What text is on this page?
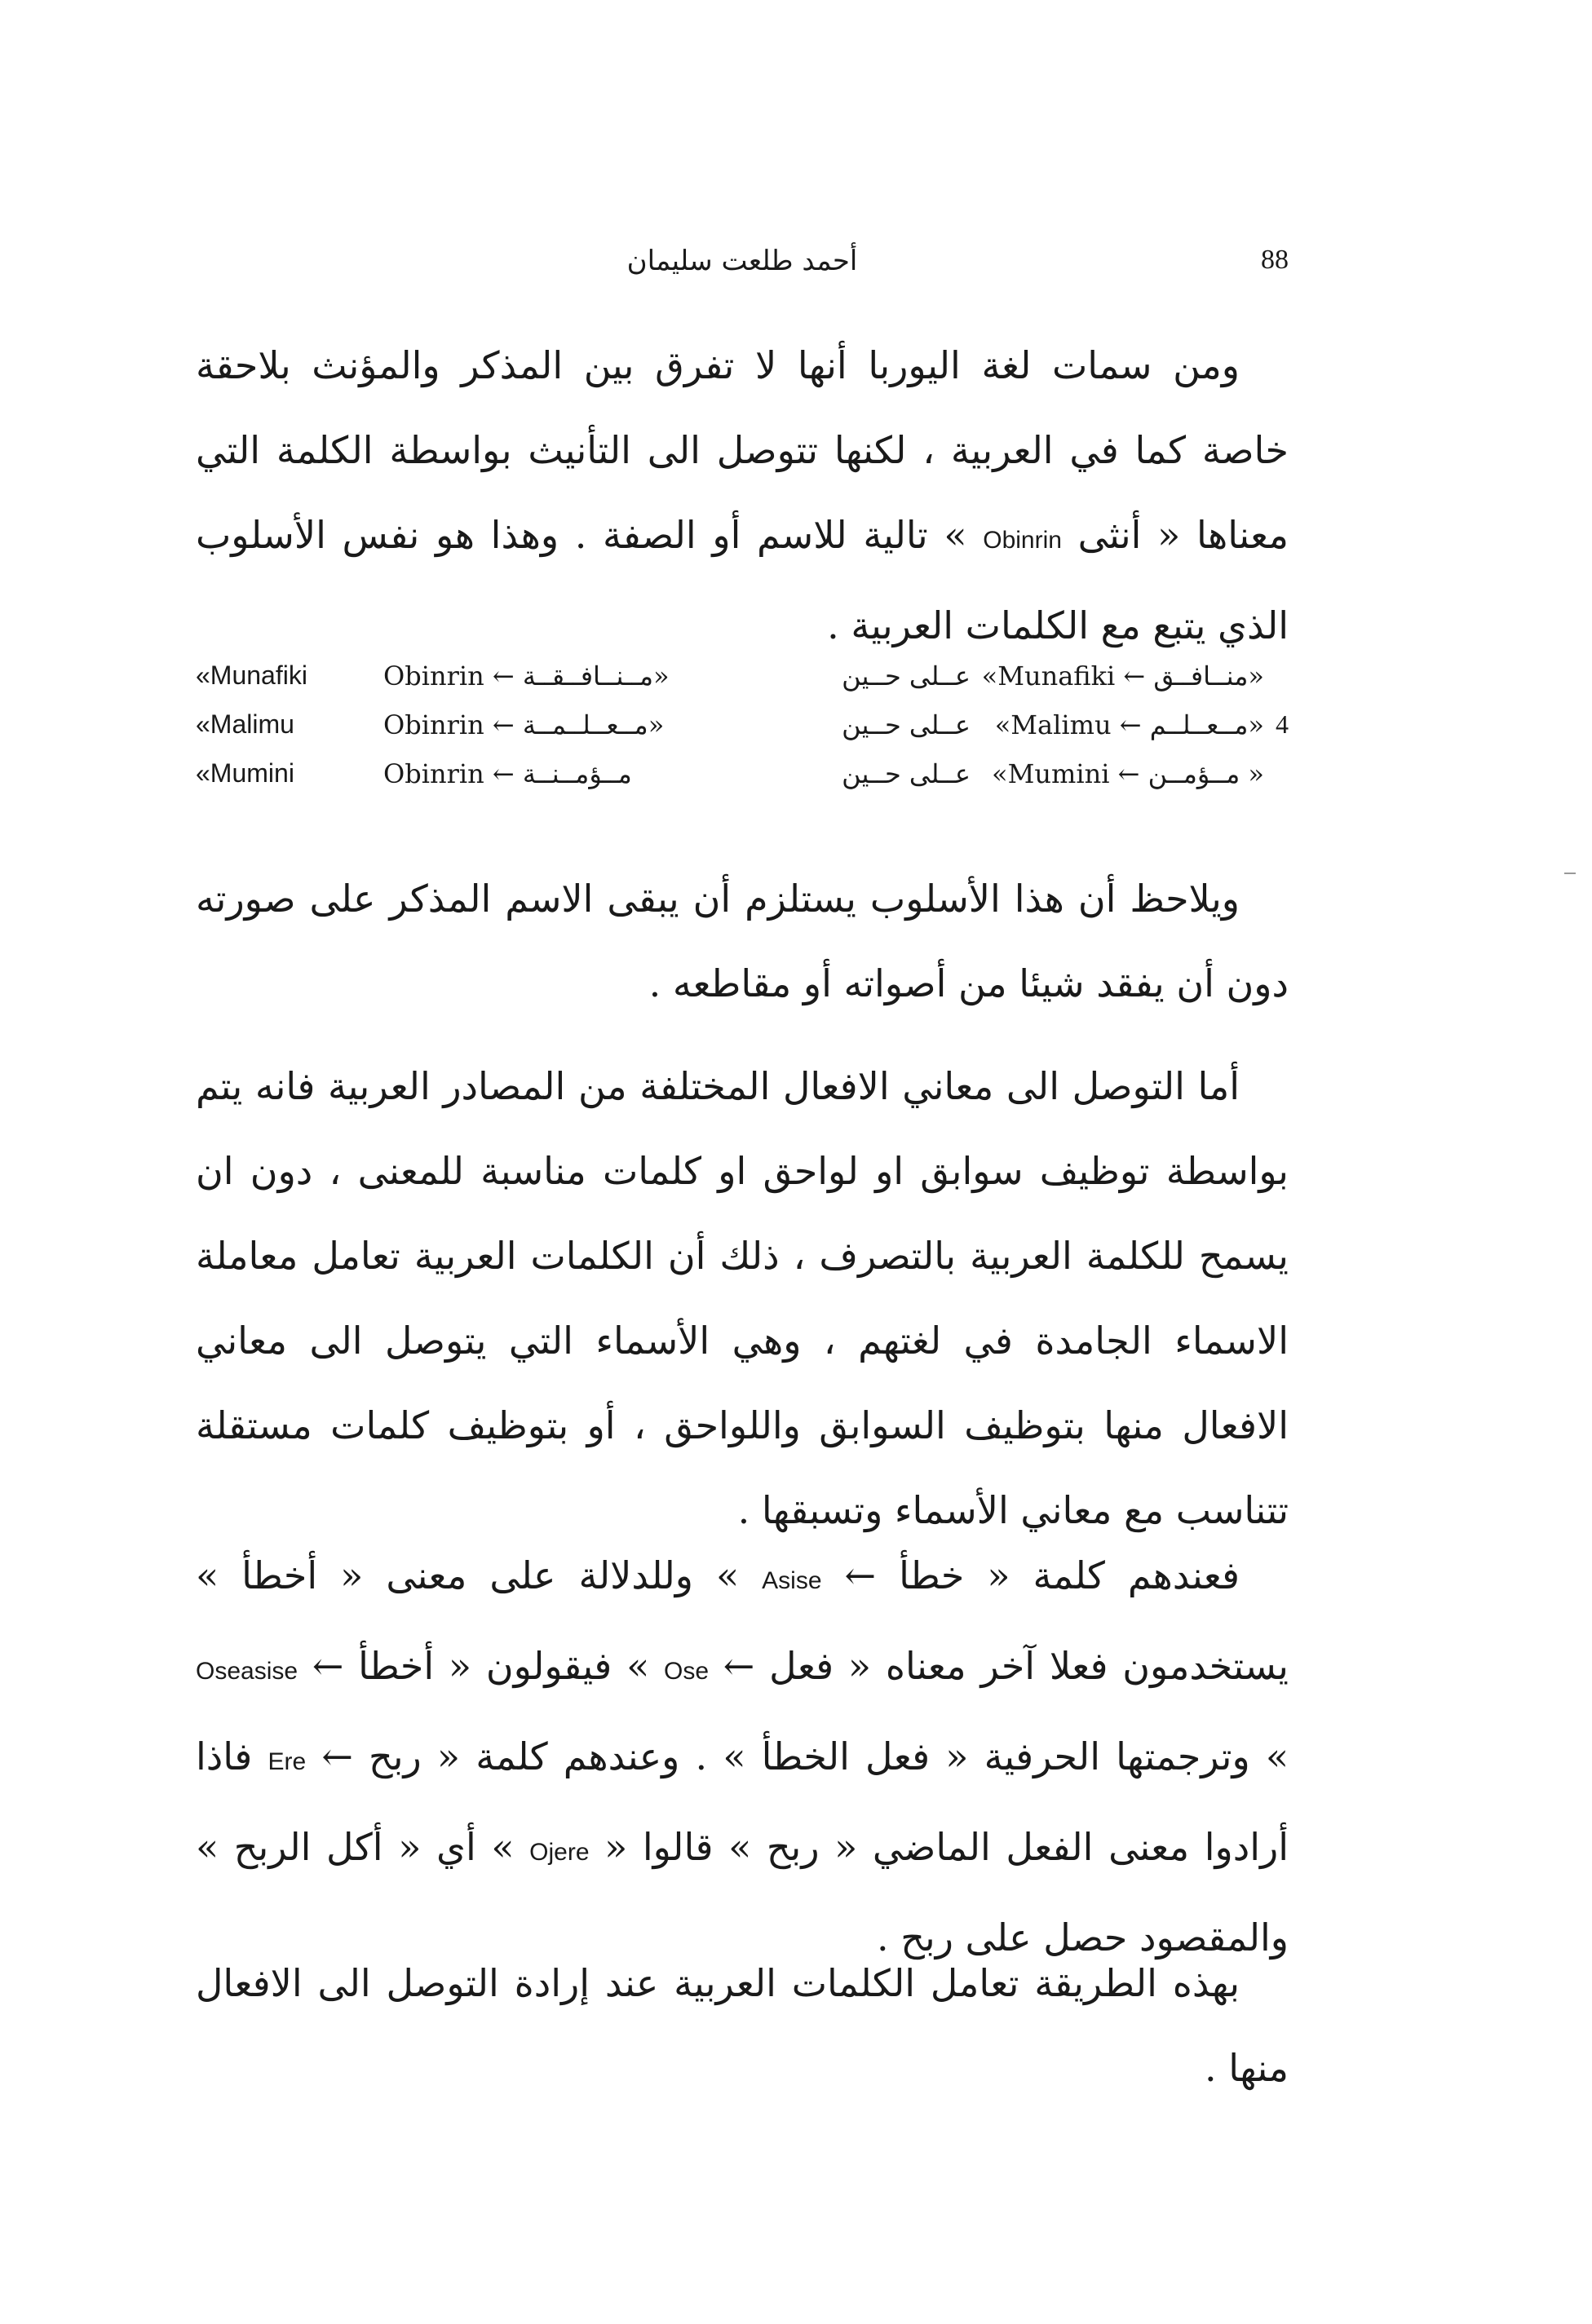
88
أحمد طلعت سليمان

ومن سمات لغة اليوربا أنها لا تفرق بين المذكر والمؤنث بلاحقة خاصة كما في العربية ، لكنها تتوصل الى التأنيث بواسطة الكلمة التي معناها « أنثى Obinrin » تالية للاسم أو الصفة . وهذا هو نفس الأسلوب الذي يتبع مع الكلمات العربية .

«منــافــق ← Munafiki»
عــلى حــين
«مــنــافــقــة ← Obinrin
«Munafiki
4
«مــعــلــم ← Malimu»
عــلى حــين
«مــعــلــمــة ← Obinrin
«Malimu
« مــؤمــن ← Mumini»
عــلى حــين
مــؤمــنــة ← Obinrin
«Mumini

ويلاحظ أن هذا الأسلوب يستلزم أن يبقى الاسم المذكر على صورته دون أن يفقد شيئا من أصواته أو مقاطعه .

أما التوصل الى معاني الافعال المختلفة من المصادر العربية فانه يتم بواسطة توظيف سوابق او لواحق او كلمات مناسبة للمعنى ، دون ان يسمح للكلمة العربية بالتصرف ، ذلك أن الكلمات العربية تعامل معاملة الاسماء الجامدة في لغتهم ، وهي الأسماء التي يتوصل الى معاني الافعال منها بتوظيف السوابق واللواحق ، أو بتوظيف كلمات مستقلة تتناسب مع معاني الأسماء وتسبقها .

فعندهم كلمة « خطأ ← Asise » وللدلالة على معنى « أخطأ » يستخدمون فعلا آخر معناه « فعل ← Ose » فيقولون « أخطأ ← Oseasise » وترجمتها الحرفية « فعل الخطأ » . وعندهم كلمة « ربح ← Ere فاذا أرادوا معنى الفعل الماضي « ربح » قالوا « Ojere » أي « أكل الربح » والمقصود حصل على ربح .

بهذه الطريقة تعامل الكلمات العربية عند إرادة التوصل الى الافعال منها .
